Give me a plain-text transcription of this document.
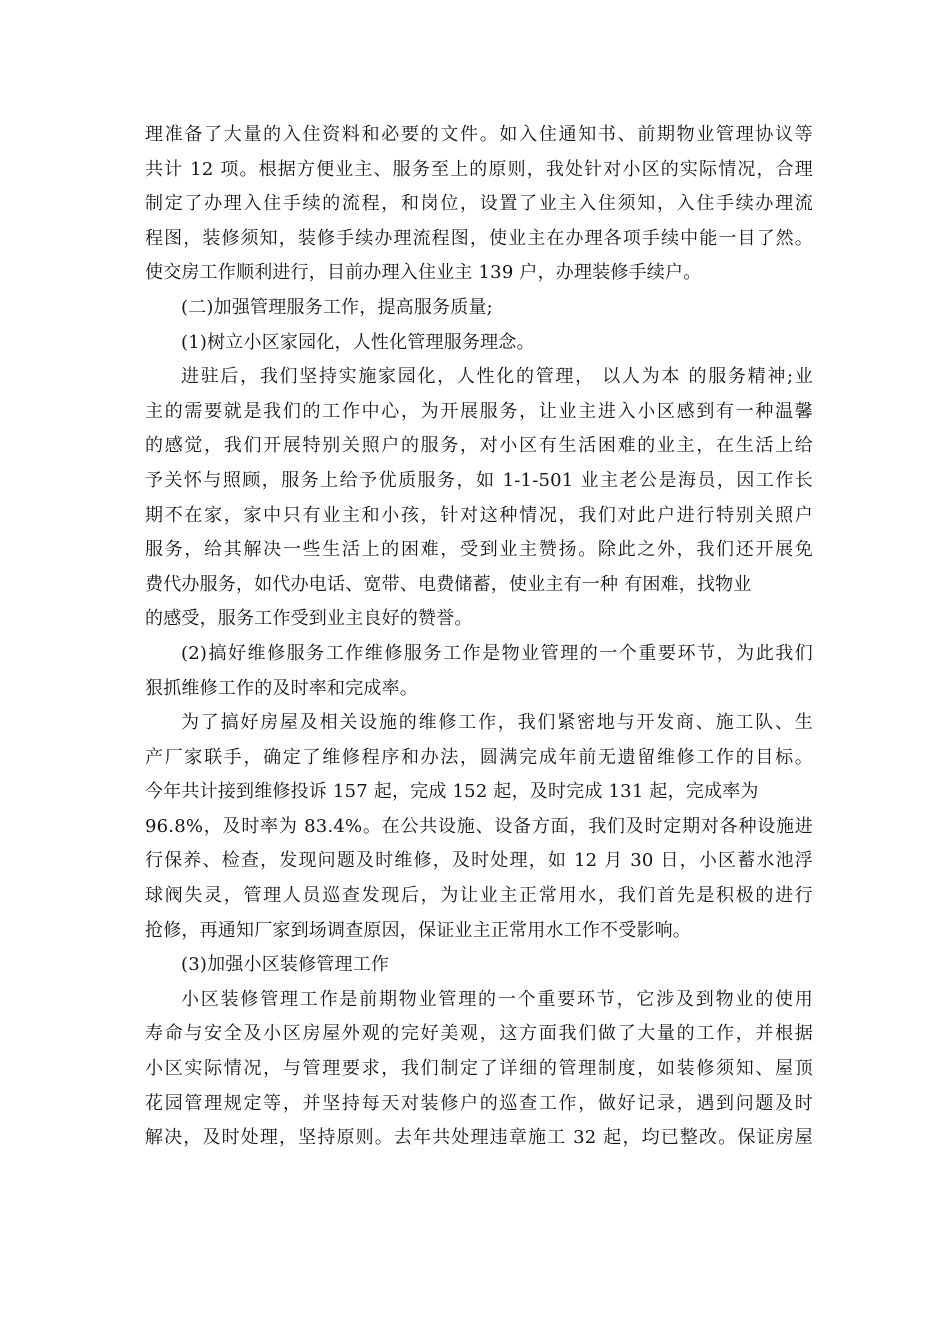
理准备了大量的入住资料和必要的文件。如入住通知书、前期物业管理协议等
共计 12 项。根据方便业主、服务至上的原则，我处针对小区的实际情况，合理
制定了办理入住手续的流程，和岗位，设置了业主入住须知，入住手续办理流
程图，装修须知，装修手续办理流程图，使业主在办理各项手续中能一目了然。
使交房工作顺利进行，目前办理入住业主 139 户，办理装修手续户。
(二)加强管理服务工作，提高服务质量;
(1)树立小区家园化，人性化管理服务理念。
进驻后，我们坚持实施家园化，人性化的管理， 以人为本 的服务精神;业
主的需要就是我们的工作中心，为开展服务，让业主进入小区感到有一种温馨
的感觉，我们开展特别关照户的服务，对小区有生活困难的业主，在生活上给
予关怀与照顾，服务上给予优质服务，如 1-1-501 业主老公是海员，因工作长
期不在家，家中只有业主和小孩，针对这种情况，我们对此户进行特别关照户
服务，给其解决一些生活上的困难，受到业主赞扬。除此之外，我们还开展免
费代办服务，如代办电话、宽带、电费储蓄，使业主有一种 有困难，找物业
的感受，服务工作受到业主良好的赞誉。
(2)搞好维修服务工作维修服务工作是物业管理的一个重要环节，为此我们
狠抓维修工作的及时率和完成率。
为了搞好房屋及相关设施的维修工作，我们紧密地与开发商、施工队、生
产厂家联手，确定了维修程序和办法，圆满完成年前无遗留维修工作的目标。
今年共计接到维修投诉 157 起，完成 152 起，及时完成 131 起，完成率为
96.8%，及时率为 83.4%。在公共设施、设备方面，我们及时定期对各种设施进
行保养、检查，发现问题及时维修，及时处理，如 12 月 30 日，小区蓄水池浮
球阀失灵，管理人员巡查发现后，为让业主正常用水，我们首先是积极的进行
抢修，再通知厂家到场调查原因，保证业主正常用水工作不受影响。
(3)加强小区装修管理工作
小区装修管理工作是前期物业管理的一个重要环节，它涉及到物业的使用
寿命与安全及小区房屋外观的完好美观，这方面我们做了大量的工作，并根据
小区实际情况，与管理要求，我们制定了详细的管理制度，如装修须知、屋顶
花园管理规定等，并坚持每天对装修户的巡查工作，做好记录，遇到问题及时
解决，及时处理，坚持原则。去年共处理违章施工 32 起，均已整改。保证房屋
